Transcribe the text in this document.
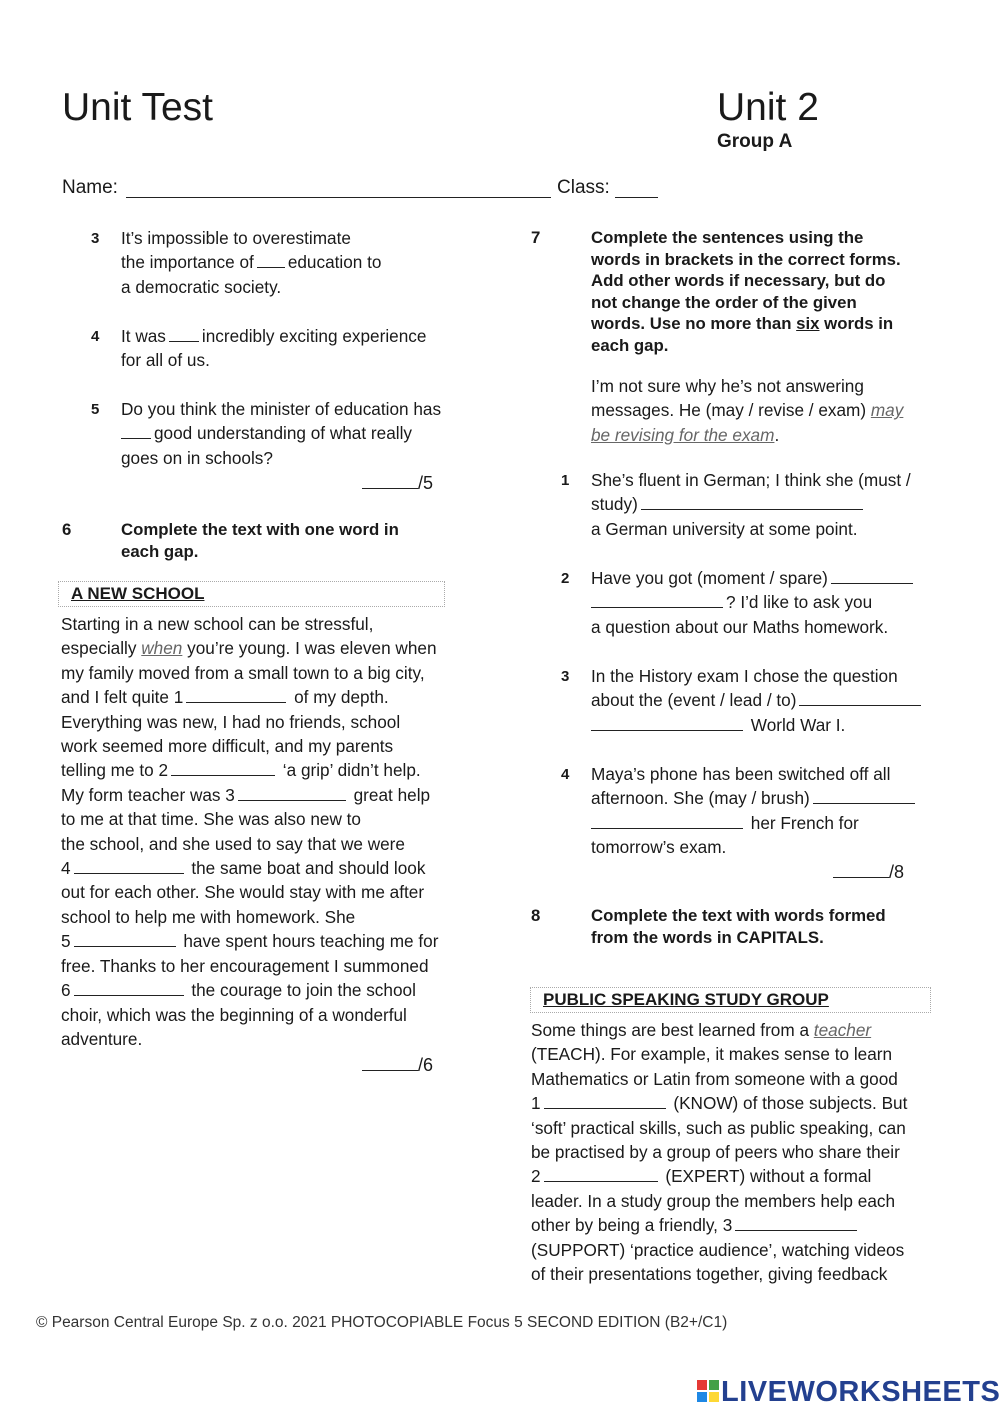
Unit Test	Unit 2
Group A
Name:	Class:
3 It’s impossible to overestimate
the importance of education to
a democratic society.
4 It was incredibly exciting experience
for all of us.
5 Do you think the minister of education has
good understanding of what really
goes on in schools?
/5
6	Complete the text with one word in
each gap.
A NEW SCHOOL
Starting in a new school can be stressful,
especially when you’re young. I was eleven when
my family moved from a small town to a big city,
and I felt quite 1	of my depth.
Everything was new, I had no friends, school
work seemed more difficult, and my parents
telling me to 2	‘a grip’ didn’t help.
My form teacher was 3	great help
to me at that time. She was also new to
the school, and she used to say that we were
4	the same boat and should look
out for each other. She would stay with me after
school to help me with homework. She
5	have spent hours teaching me for
free. Thanks to her encouragement I summoned
6	the courage to join the school
choir, which was the beginning of a wonderful
adventure.
/6
7	Complete the sentences using the
words in brackets in the correct forms.
Add other words if necessary, but do
not change the order of the given
words. Use no more than six words in
each gap.
I’m not sure why he’s not answering
messages. He (may / revise / exam) may
be revising for the exam.
1 She’s fluent in German; I think she (must /
study)
a German university at some point.
2 Have you got (moment / spare)
? I’d like to ask you
a question about our Maths homework.
3 In the History exam I chose the question
about the (event / lead / to)
World War I.
4 Maya’s phone has been switched off all
afternoon. She (may / brush)
her French for
tomorrow’s exam.
/8
8	Complete the text with words formed
from the words in CAPITALS.
PUBLIC SPEAKING STUDY GROUP
Some things are best learned from a teacher
(TEACH). For example, it makes sense to learn
Mathematics or Latin from someone with a good
1	(KNOW) of those subjects. But
‘soft’ practical skills, such as public speaking, can
be practised by a group of peers who share their
2	(EXPERT) without a formal
leader. In a study group the members help each
other by being a friendly, 3
(SUPPORT) ‘practice audience’, watching videos
of their presentations together, giving feedback
© Pearson Central Europe Sp. z o.o. 2021 PHOTOCOPIABLE Focus 5 SECOND EDITION (B2+/C1)
LIVEWORKSHEETS
